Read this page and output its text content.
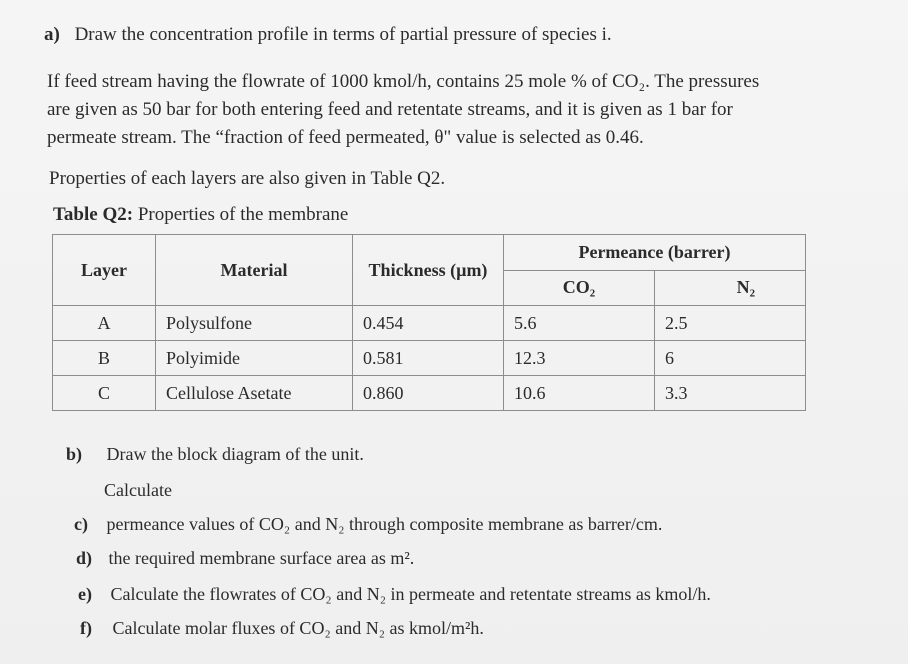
a) Draw the concentration profile in terms of partial pressure of species i.
If feed stream having the flowrate of 1000 kmol/h, contains 25 mole % of CO₂. The pressures
are given as 50 bar for both entering feed and retentate streams, and it is given as 1 bar for
permeate stream. The “fraction of feed permeated, θ" value is selected as 0.46.
Properties of each layers are also given in Table Q2.
Table Q2: Properties of the membrane
Layer	Material	Thickness (µm)	Permeance (barrer)	
			CO₂	N₂
A	Polysulfone	0.454	5.6	2.5
B	Polyimide	0.581	12.3	6
C	Cellulose Asetate	0.860	10.6	3.3
b) Draw the block diagram of the unit.
Calculate
c) permeance values of CO₂ and N₂ through composite membrane as barrer/cm.
d) the required membrane surface area as m².
e) Calculate the flowrates of CO₂ and N₂ in permeate and retentate streams as kmol/h.
f) Calculate molar fluxes of CO₂ and N₂ as kmol/m²h.
